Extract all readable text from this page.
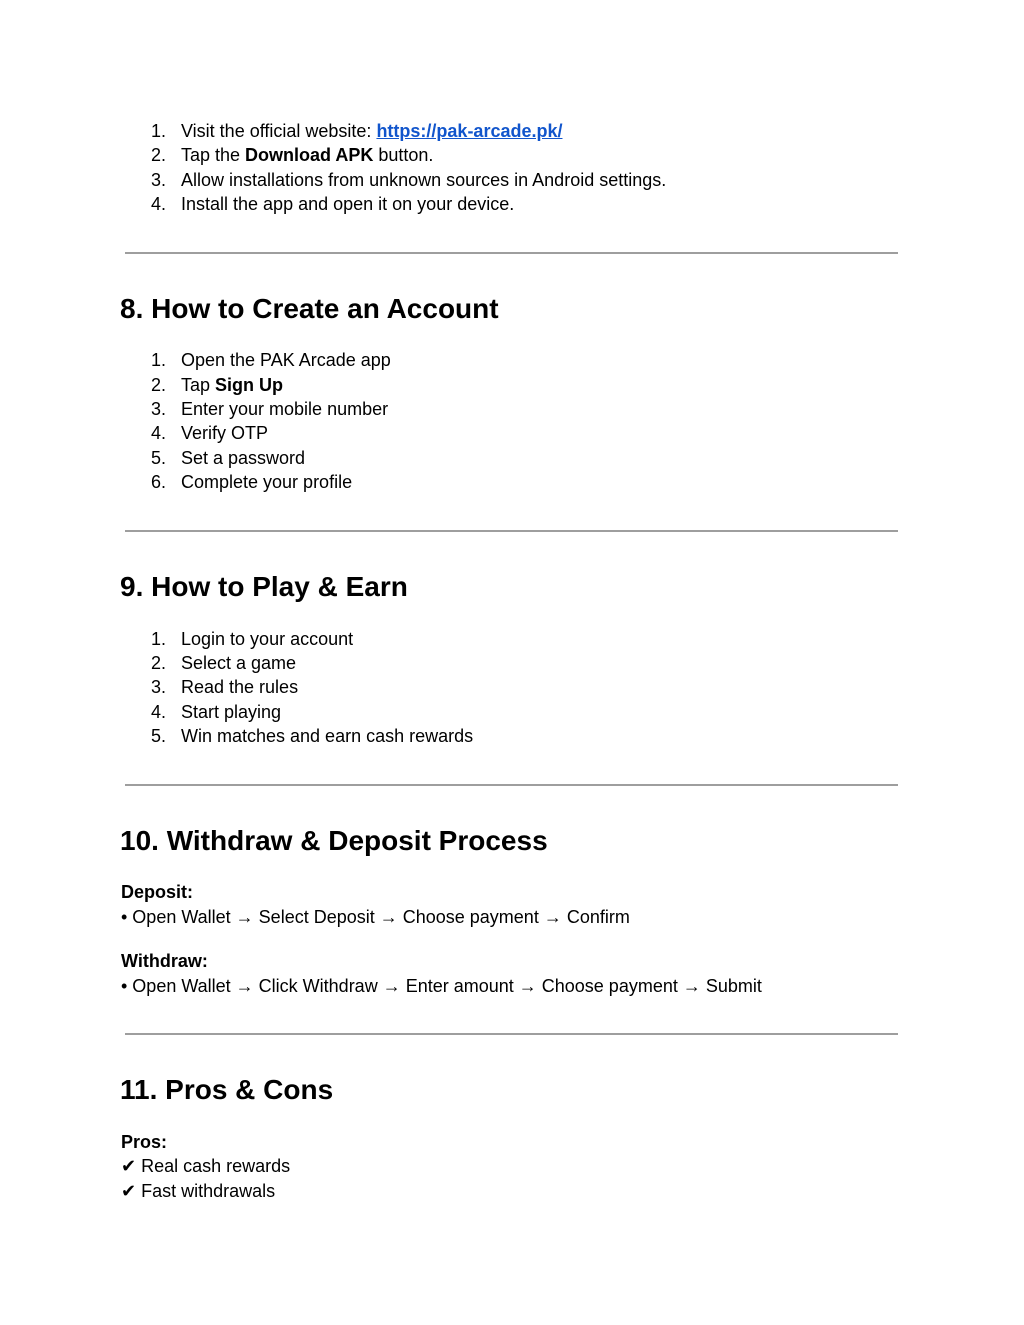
1. Visit the official website: https://pak-arcade.pk/
2. Tap the Download APK button.
3. Allow installations from unknown sources in Android settings.
4. Install the app and open it on your device.
8. How to Create an Account
1. Open the PAK Arcade app
2. Tap Sign Up
3. Enter your mobile number
4. Verify OTP
5. Set a password
6. Complete your profile
9. How to Play & Earn
1. Login to your account
2. Select a game
3. Read the rules
4. Start playing
5. Win matches and earn cash rewards
10. Withdraw & Deposit Process
Deposit:
• Open Wallet → Select Deposit → Choose payment → Confirm
Withdraw:
• Open Wallet → Click Withdraw → Enter amount → Choose payment → Submit
11. Pros & Cons
Pros:
✔ Real cash rewards
✔ Fast withdrawals
